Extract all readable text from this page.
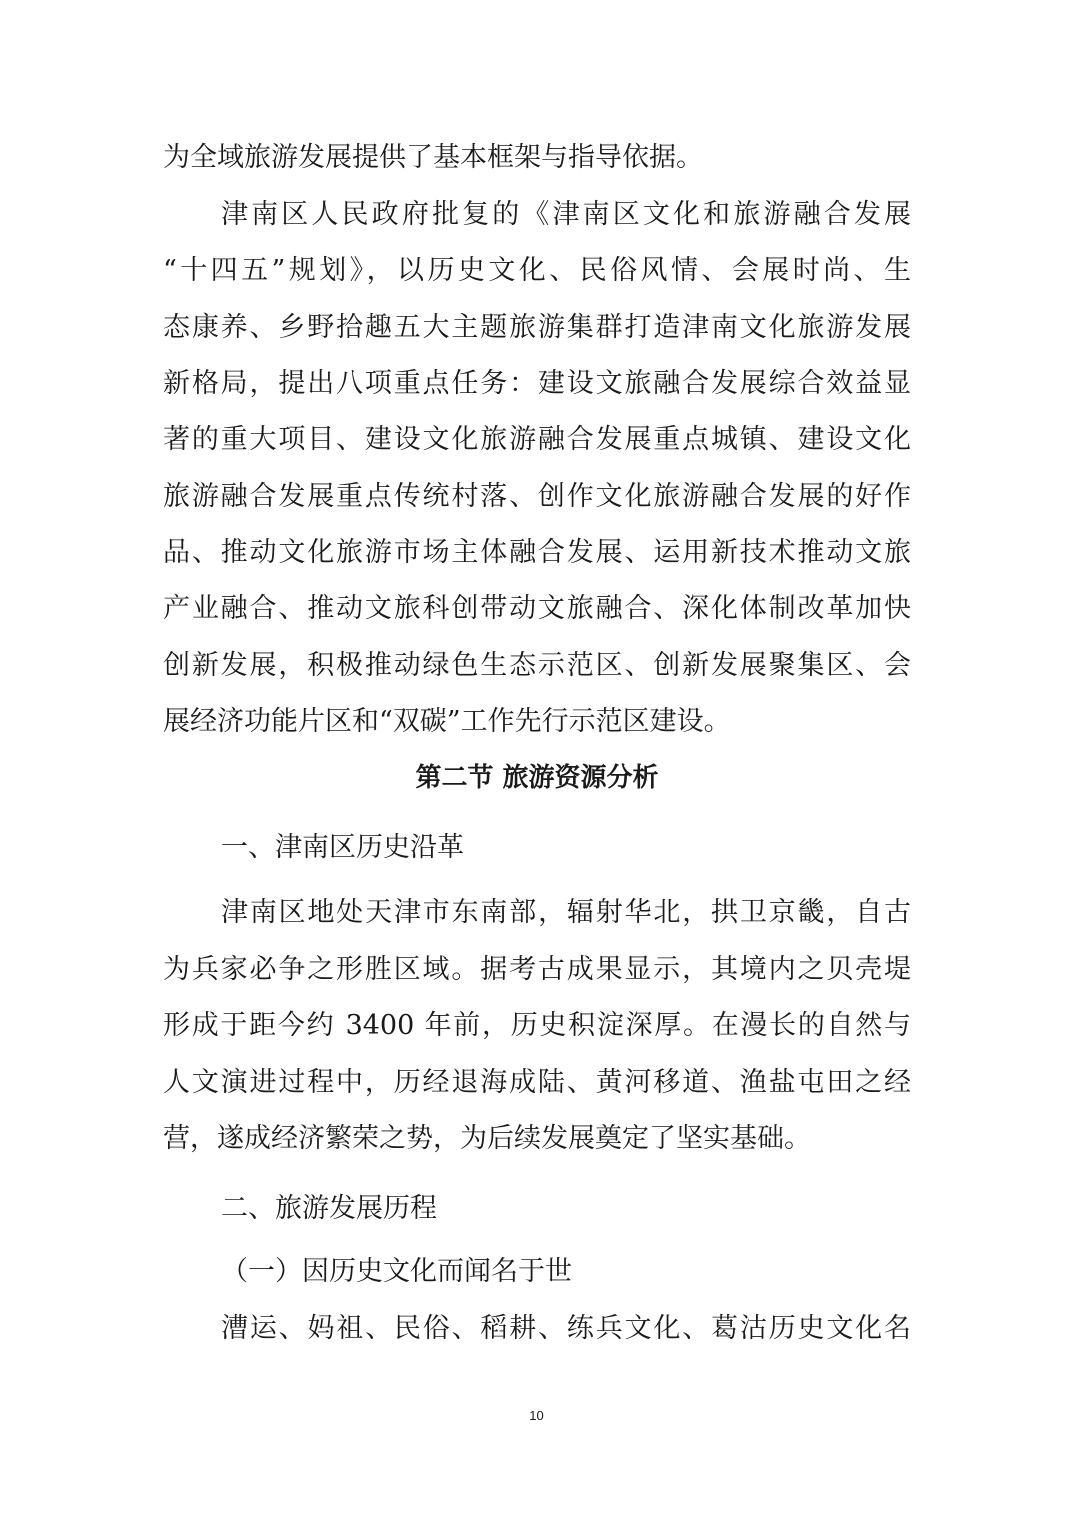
为全域旅游发展提供了基本框架与指导依据。
津南区人民政府批复的《津南区文化和旅游融合发展
“十四五”规划》，以历史文化、民俗风情、会展时尚、生
态康养、乡野拾趣五大主题旅游集群打造津南文化旅游发展
新格局，提出八项重点任务：建设文旅融合发展综合效益显
著的重大项目、建设文化旅游融合发展重点城镇、建设文化
旅游融合发展重点传统村落、创作文化旅游融合发展的好作
品、推动文化旅游市场主体融合发展、运用新技术推动文旅
产业融合、推动文旅科创带动文旅融合、深化体制改革加快
创新发展，积极推动绿色生态示范区、创新发展聚集区、会
展经济功能片区和“双碳”工作先行示范区建设。
第二节 旅游资源分析
一、津南区历史沿革
津南区地处天津市东南部，辐射华北，拱卫京畿，自古
为兵家必争之形胜区域。据考古成果显示，其境内之贝壳堤
形成于距今约 3400 年前，历史积淀深厚。在漫长的自然与
人文演进过程中，历经退海成陆、黄河移道、渔盐屯田之经
营，遂成经济繁荣之势，为后续发展奠定了坚实基础。
二、旅游发展历程
（一）因历史文化而闻名于世
漕运、妈祖、民俗、稻耕、练兵文化、葛沽历史文化名
10
